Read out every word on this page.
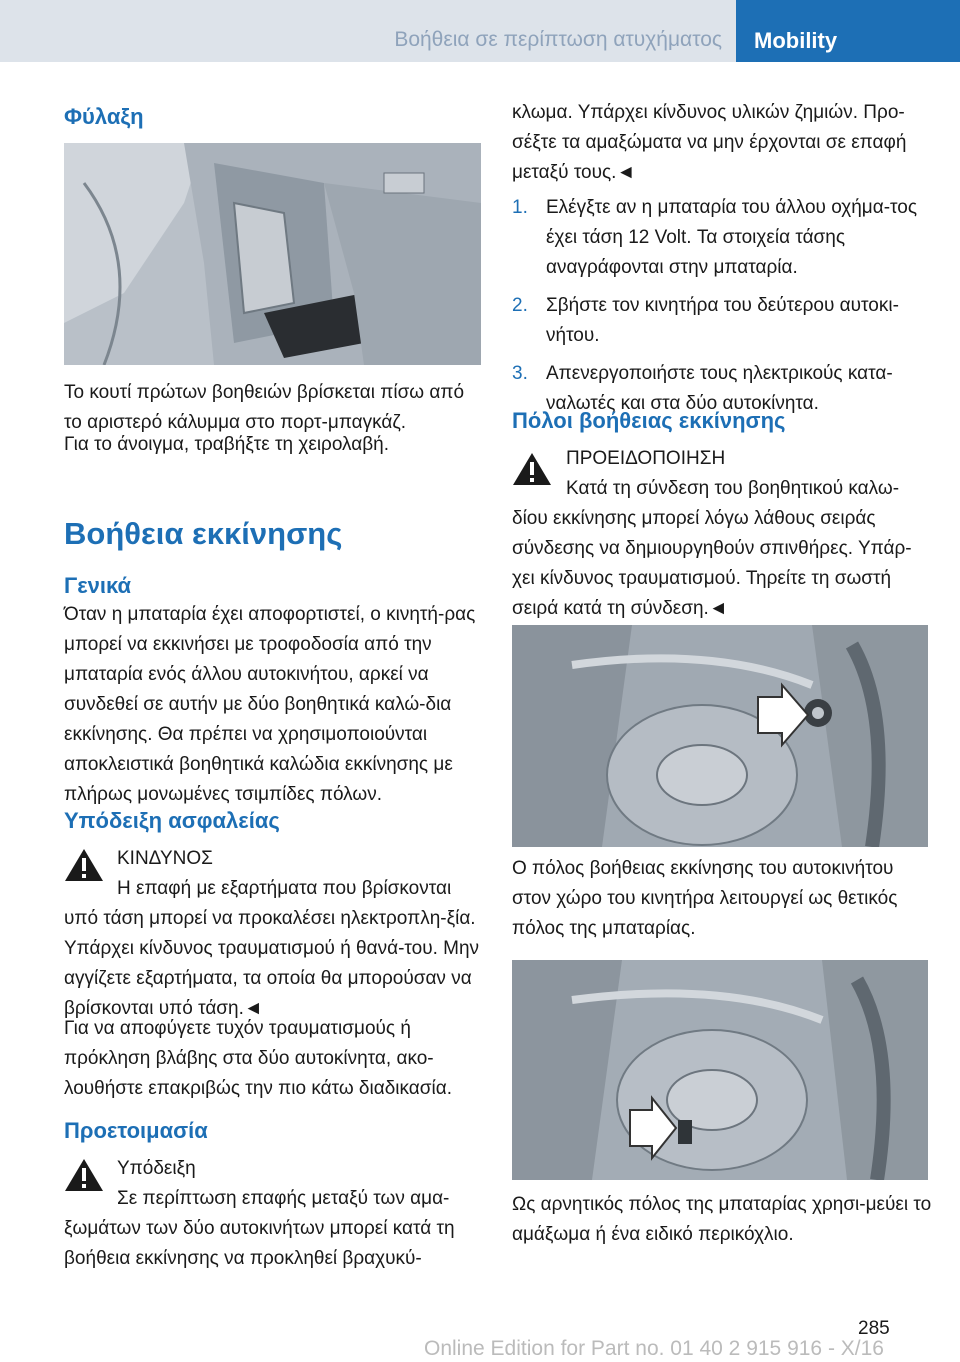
Βοήθεια σε περίπτωση ατυχήματος Mobility
Φύλαξη

Το κουτί πρώτων βοηθειών βρίσκεται πίσω από το αριστερό κάλυμμα στο πορτ-μπαγκάζ.

Για το άνοιγμα, τραβήξτε τη χειρολαβή.

Βοήθεια εκκίνησης
Γενικά

Όταν η μπαταρία έχει αποφορτιστεί, ο κινητή-ρας μπορεί να εκκινήσει με τροφοδοσία από την μπαταρία ενός άλλου αυτοκινήτου, αρκεί να συνδεθεί σε αυτήν με δύο βοηθητικά καλώ-δια εκκίνησης. Θα πρέπει να χρησιμοποιούνται αποκλειστικά βοηθητικά καλώδια εκκίνησης με πλήρως μονωμένες τσιμπίδες πόλων.

Υπόδειξη ασφαλείας
ΚΙΝΔΥΝΟΣ

Η επαφή με εξαρτήματα που βρίσκονται υπό τάση μπορεί να προκαλέσει ηλεκτροπλη-ξία. Υπάρχει κίνδυνος τραυματισμού ή θανά-του. Μην αγγίζετε εξαρτήματα, τα οποία θα μπορούσαν να βρίσκονται υπό τάση.◄

Για να αποφύγετε τυχόν τραυματισμούς ή πρόκληση βλάβης στα δύο αυτοκίνητα, ακο-λουθήστε επακριβώς την πιο κάτω διαδικασία.

Προετοιμασία
Υπόδειξη

Σε περίπτωση επαφής μεταξύ των αμα-ξωμάτων των δύο αυτοκινήτων μπορεί κατά τη βοήθεια εκκίνησης να προκληθεί βραχυκύ-

κλωμα. Υπάρχει κίνδυνος υλικών ζημιών. Προ-σέξτε τα αμαξώματα να μην έρχονται σε επαφή μεταξύ τους.◄

1. Ελέγξτε αν η μπαταρία του άλλου οχήμα-τος έχει τάση 12 Volt. Τα στοιχεία τάσης αναγράφονται στην μπαταρία.
2. Σβήστε τον κινητήρα του δεύτερου αυτοκι-νήτου.
3. Απενεργοποιήστε τους ηλεκτρικούς κατα-ναλωτές και στα δύο αυτοκίνητα.
Πόλοι βοήθειας εκκίνησης
ΠΡΟΕΙΔΟΠΟΙΗΣΗ

Κατά τη σύνδεση του βοηθητικού καλω-δίου εκκίνησης μπορεί λόγω λάθους σειράς σύνδεσης να δημιουργηθούν σπινθήρες. Υπάρ-χει κίνδυνος τραυματισμού. Τηρείτε τη σωστή σειρά κατά τη σύνδεση.◄

Ο πόλος βοήθειας εκκίνησης του αυτοκινήτου στον χώρο του κινητήρα λειτουργεί ως θετικός πόλος της μπαταρίας.

Ως αρνητικός πόλος της μπαταρίας χρησι-μεύει το αμάξωμα ή ένα ειδικό περικόχλιο.

285
Online Edition for Part no. 01 40 2 915 916 - X/16
